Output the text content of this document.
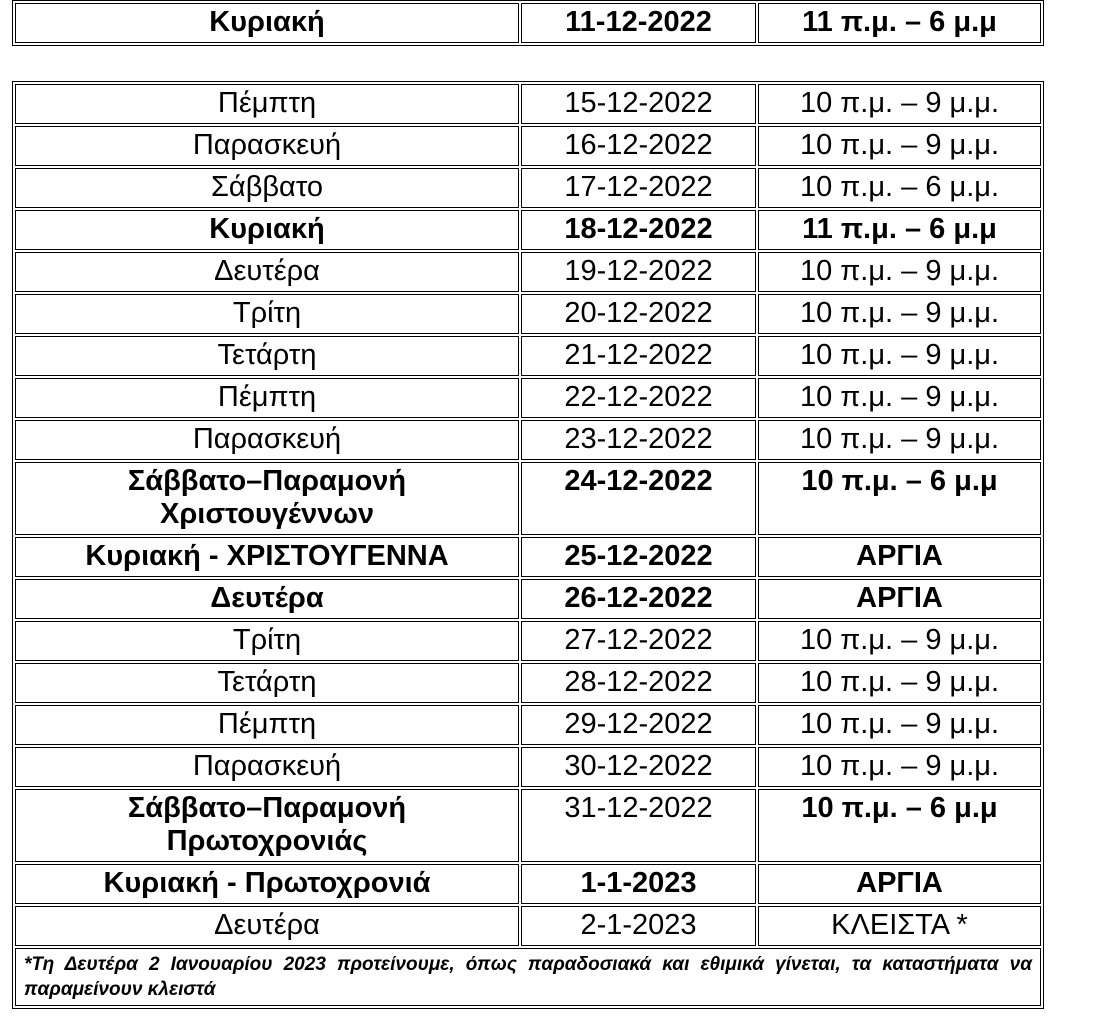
Κυριακή	11-12-2022	11 π.μ. – 6 μ.μ
Πέμπτη	15-12-2022	10 π.μ. – 9 μ.μ.
Παρασκευή	16-12-2022	10 π.μ. – 9 μ.μ.
Σάββατο	17-12-2022	10 π.μ. – 6 μ.μ.
Κυριακή	18-12-2022	11 π.μ. – 6 μ.μ
Δευτέρα	19-12-2022	10 π.μ. – 9 μ.μ.
Τρίτη	20-12-2022	10 π.μ. – 9 μ.μ.
Τετάρτη	21-12-2022	10 π.μ. – 9 μ.μ.
Πέμπτη	22-12-2022	10 π.μ. – 9 μ.μ.
Παρασκευή	23-12-2022	10 π.μ. – 9 μ.μ.
Σάββατο–Παραμονή
Χριστουγέννων	24-12-2022	10 π.μ. – 6 μ.μ
Κυριακή - ΧΡΙΣΤΟΥΓΕΝΝΑ	25-12-2022	ΑΡΓΙΑ
Δευτέρα	26-12-2022	ΑΡΓΙΑ
Τρίτη	27-12-2022	10 π.μ. – 9 μ.μ.
Τετάρτη	28-12-2022	10 π.μ. – 9 μ.μ.
Πέμπτη	29-12-2022	10 π.μ. – 9 μ.μ.
Παρασκευή	30-12-2022	10 π.μ. – 9 μ.μ.
Σάββατο–Παραμονή
Πρωτοχρονιάς	31-12-2022	10 π.μ. – 6 μ.μ
Κυριακή - Πρωτοχρονιά	1-1-2023	ΑΡΓΙΑ
Δευτέρα	2-1-2023	ΚΛΕΙΣΤΑ *
*Τη Δευτέρα 2 Ιανουαρίου 2023 προτείνουμε, όπως παραδοσιακά και εθιμικά γίνεται, τα καταστήματα να παραμείνουν κλειστά		
